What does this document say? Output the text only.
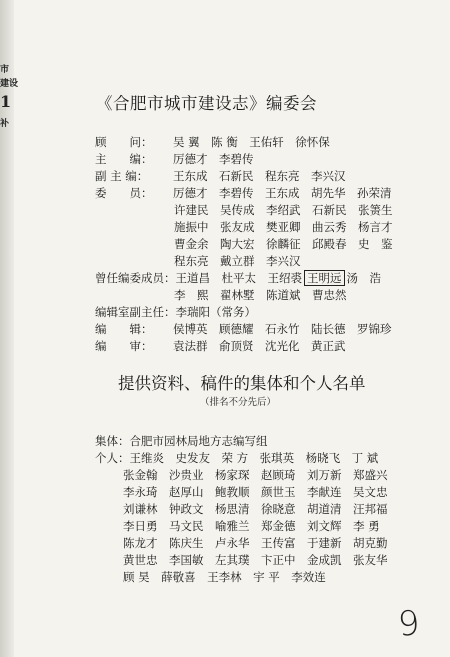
市
建设
1
补
《合肥市城市建设志》编委会
顾　　问： 吴 翼　陈 衡　王佑轩　徐怀保
主　　编： 厉德才　李碧传
副 主 编： 王东成　石新民　程东亮　李兴汉
委　　员： 厉德才　李碧传　王东成　胡先华　孙荣清
许建民　吴传成　李绍武　石新民　张箦生
施振中　张友成　樊亚卿　曲云秀　杨言才
曹金余　陶大宏　徐麟征　邱殿春　史　鉴
程东亮　戴立群　李兴汉
曾任编委成员：王道昌　杜平太　王绍裘 王明远 汤　浩
李　熙　翟林墅　陈道斌　曹忠然
编辑室副主任：李瑞阳（常务）
编　　辑： 侯博英　顾德耀　石永竹　陆长德　罗锦珍
编　　审： 袁法群　俞顶贤　沈光化　黄正武
提供资料、稿件的集体和个人名单
（排名不分先后）
集体：合肥市园林局地方志编写组
个人：王维炎　史发友　荣 方　张琪英　杨晓飞　丁 斌
张金翰　沙贵业　杨家琛　赵顾琦　刘万新　郑盛兴
李永琦　赵厚山　鲍教顺　颜世玉　李献连　吴文忠
刘谦林　钟政文　杨思清　徐晓意　胡道清　汪邦福
李日勇　马文民　喻雅兰　郑金德　刘文辉　李 勇
陈龙才　陈庆生　卢永华　王传富　于建新　胡克勤
黄世忠　李国敏　左其璞　卞正中　金成凯　张友华
顾 昊　薛敬喜　王李林　宇 平　李效连
9
